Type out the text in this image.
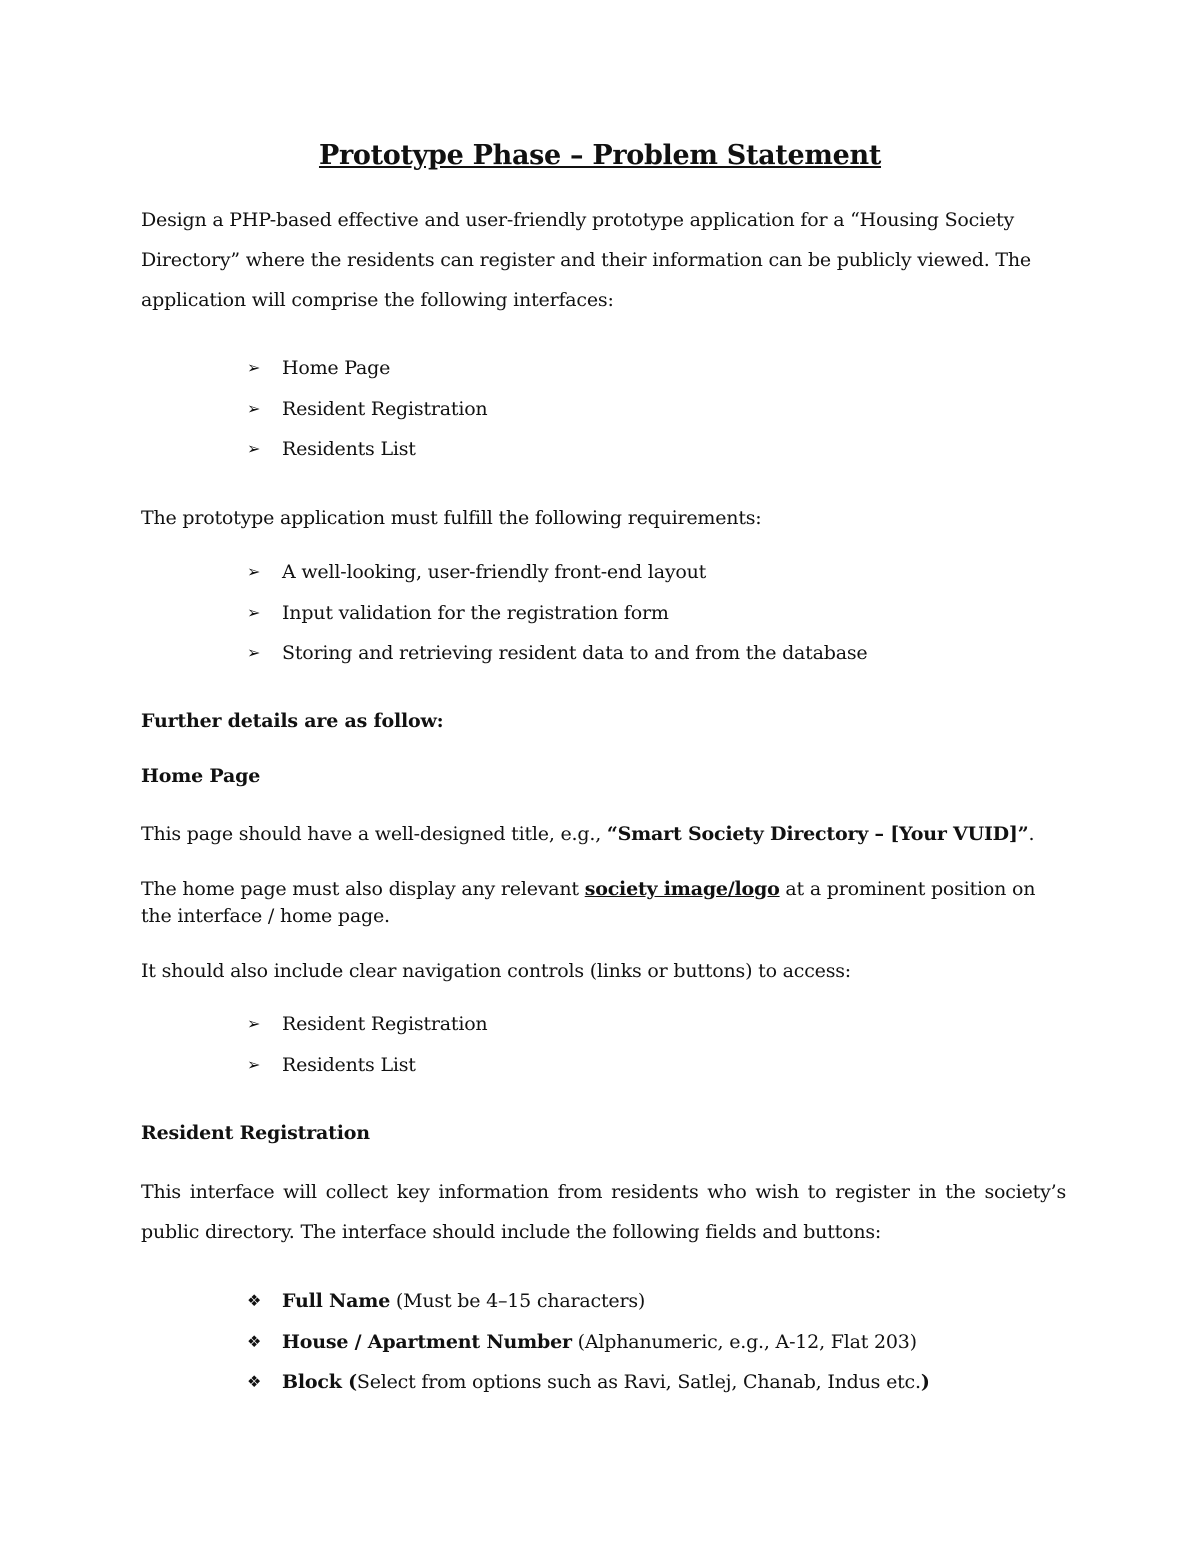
Prototype Phase – Problem Statement

Design a PHP-based effective and user-friendly prototype application for a “Housing Society Directory” where the residents can register and their information can be publicly viewed. The application will comprise the following interfaces:

➢ Home Page
➢ Resident Registration
➢ Residents List

The prototype application must fulfill the following requirements:

➢ A well-looking, user-friendly front-end layout
➢ Input validation for the registration form
➢ Storing and retrieving resident data to and from the database

Further details are as follow:

Home Page

This page should have a well-designed title, e.g., “Smart Society Directory – [Your VUID]”.

The home page must also display any relevant society image/logo at a prominent position on the interface / home page.

It should also include clear navigation controls (links or buttons) to access:

➢ Resident Registration
➢ Residents List

Resident Registration

This interface will collect key information from residents who wish to register in the society’s public directory. The interface should include the following fields and buttons:

❖ Full Name (Must be 4–15 characters)
❖ House / Apartment Number (Alphanumeric, e.g., A-12, Flat 203)
❖ Block (Select from options such as Ravi, Satlej, Chanab, Indus etc.)
